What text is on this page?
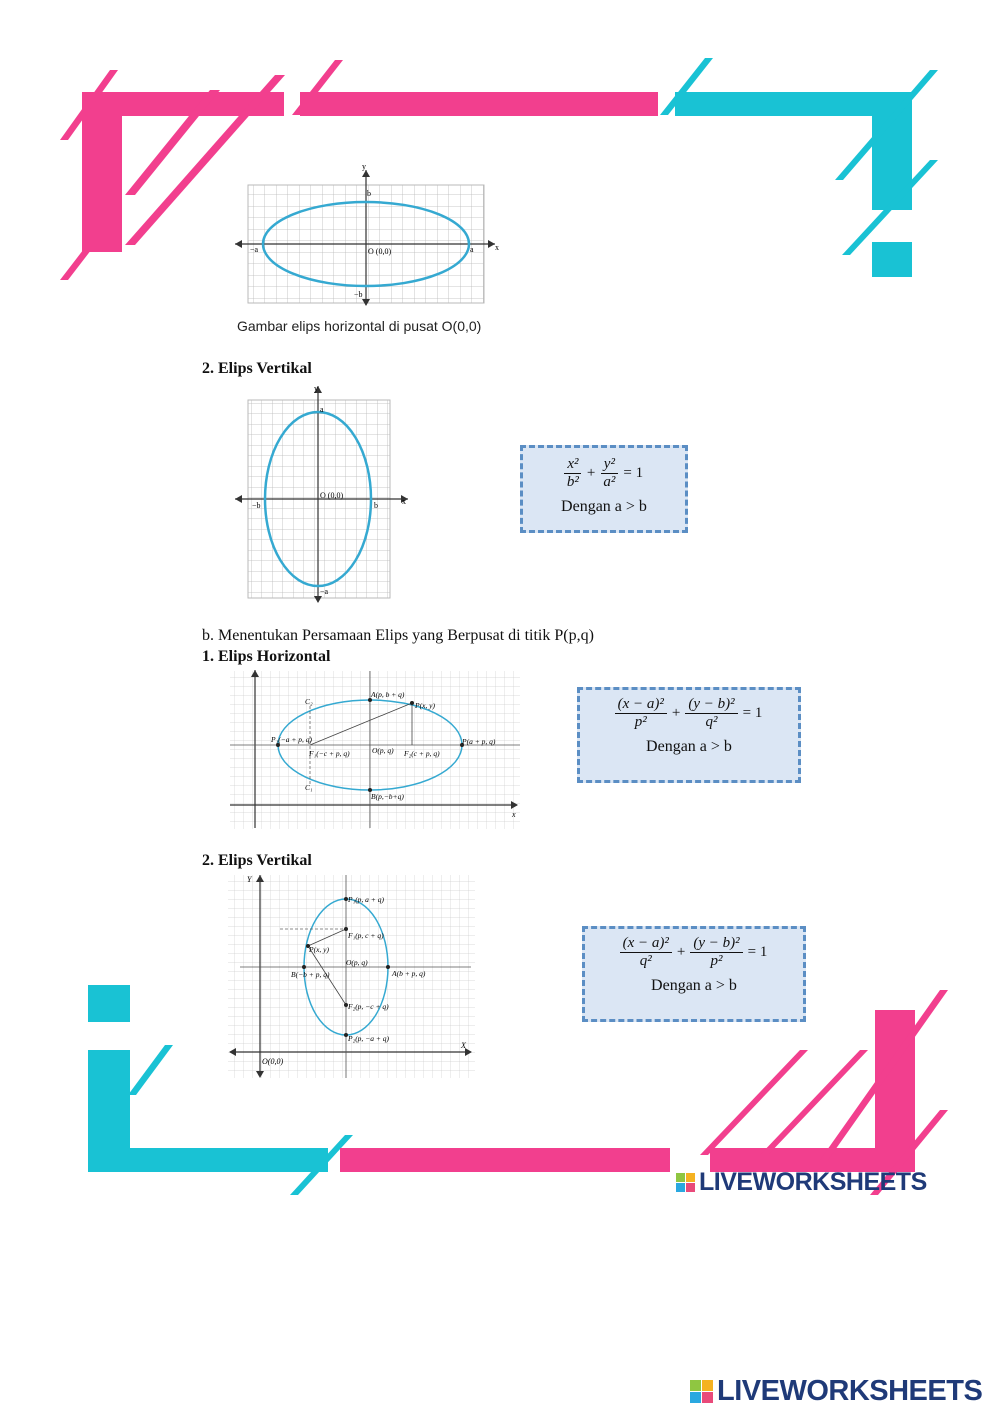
x
y
b
−b
a
−a	O (0,0)
Gambar elips horizontal di pusat O(0,0)
2. Elips Vertikal
x
y
a
−a
b
−b
O (0,0)
$\frac{\text{x²}}{\text{b²}} + \frac{\text{y²}}{\text{a²}} = 1$
Dengan a > b
b. Menentukan Persamaan Elips yang Berpusat di titik P(p,q)
1. Elips Horizontal
A(p, b + q)
P(x, y)
C₂
C₁
P₁(−a + p, q)
F₁(−c + p, q)	O(p, q) F₂(c + p, q)
P(a + p, q)
B(p,−b+q)
x
$\frac{\text{(x − a)²}}{\text{p²}} + \frac{\text{(y − b)²}}{\text{q²}} = 1$
Dengan a > b
2. Elips Vertikal
Y
X
P₁(p, a + q)
F₁(p, c + q)
P(x, y)
O(p, q)
B(−b + p, q)	A(b + p, q)
F₂(p, −c + q)
P₂(p, −a + q)
O(0,0)
$\frac{\text{(x − a)²}}{\text{q²}} + \frac{\text{(y − b)²}}{\text{p²}} = 1$
Dengan a > b
LIVEWORKSHEETS
LIVEWORKSHEETS
